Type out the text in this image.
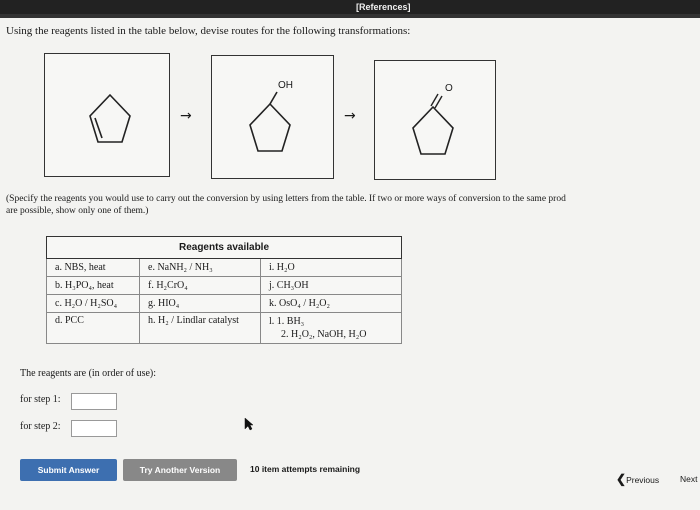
[References]
Using the reagents listed in the table below, devise routes for the following transformations:
→
OH
→
O
(Specify the reagents you would use to carry out the conversion by using letters from the table. If two or more ways of conversion to the same prod
are possible, show only one of them.)
Reagents available		
a. NBS, heat	e. NaNH₂ / NH₃	i. H₂O
b. H₃PO₄, heat	f. H₂CrO₄	j. CH₃OH
c. H₂O / H₂SO₄	g. HIO₄	k. OsO₄ / H₂O₂
d. PCC	h. H₂ / Lindlar catalyst	l. 1. BH₃
2. H₂O₂, NaOH, H₂O
The reagents are (in order of use):
for step 1:
for step 2:
Submit Answer	Try Another Version	10 item attempts remaining
❮Previous Next
